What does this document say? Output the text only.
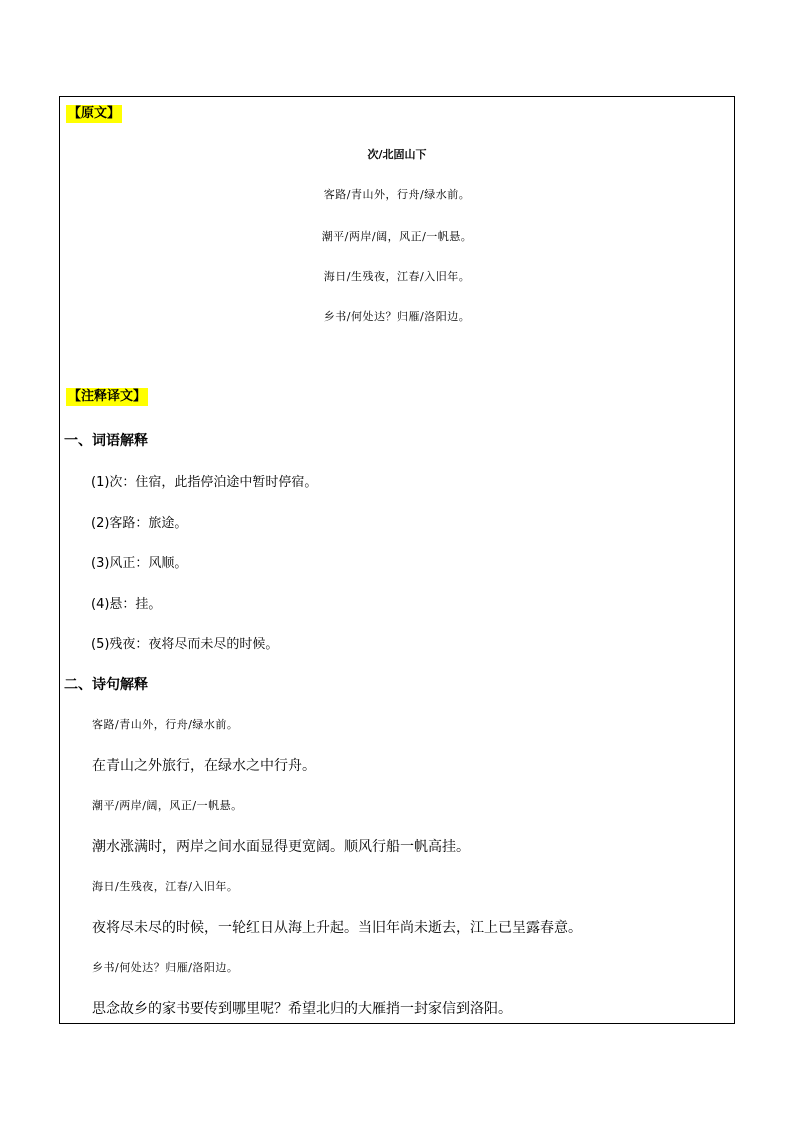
【原文】
次/北固山下
客路/青山外，行舟/绿水前。
潮平/两岸/阔，风正/一帆悬。
海日/生残夜，江春/入旧年。
乡书/何处达？归雁/洛阳边。
【注释译文】
一、词语解释
(1)次：住宿，此指停泊途中暂时停宿。
(2)客路：旅途。
(3)风正：风顺。
(4)悬：挂。
(5)残夜：夜将尽而未尽的时候。
二、诗句解释
客路/青山外，行舟/绿水前。
在青山之外旅行，在绿水之中行舟。
潮平/两岸/阔，风正/一帆悬。
潮水涨满时，两岸之间水面显得更宽阔。顺风行船一帆高挂。
海日/生残夜，江春/入旧年。
夜将尽未尽的时候，一轮红日从海上升起。当旧年尚未逝去，江上已呈露春意。
乡书/何处达？归雁/洛阳边。
思念故乡的家书要传到哪里呢？希望北归的大雁捎一封家信到洛阳。
